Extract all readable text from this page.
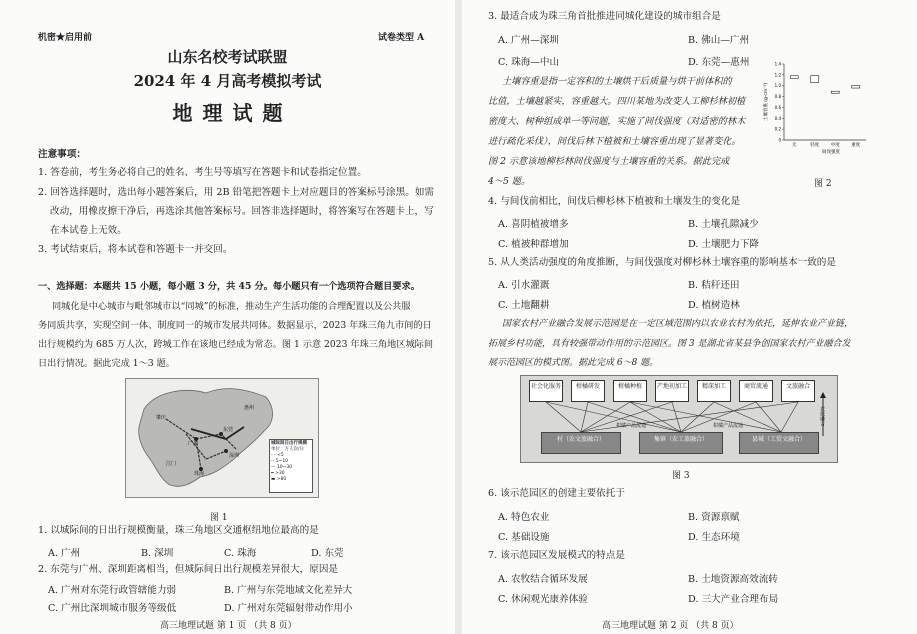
机密★启用前	试卷类型 A
山东名校考试联盟
2024 年 4 月高考模拟考试
地理试题
注意事项：
1. 答卷前，考生务必将自己的姓名、考生号等填写在答题卡和试卷指定位置。
2. 回答选择题时，选出每小题答案后，用 2B 铅笔把答题卡上对应题目的答案标号涂黑。如需
改动，用橡皮擦干净后，再选涂其他答案标号。回答非选择题时，将答案写在答题卡上，写
在本试卷上无效。
3. 考试结束后，将本试卷和答题卡一并交回。
一、选择题：本题共 15 小题，每小题 3 分，共 45 分。每小题只有一个选项符合题目要求。
同城化是中心城市与毗邻城市以“同城”的标准，推动生产生活功能的合理配置以及公共服
务同质共享，实现空间一体、制度同一的城市发展共同体。数据显示，2023 年珠三角九市间的日
出行规模约为 685 万人次，跨城工作在该地已经成为常态。图 1 示意 2023 年珠三角地区城际间
日出行情况。据此完成 1～3 题。
广州
东莞
深圳
惠州
肇庆
江门
珠海
城际间日出行规模
单位：万人次/日
- - <5
-- 5~10
— 10~30
━ >30
▬ >80
图 1
1. 以城际间的日出行规模衡量，珠三角地区交通枢纽地位最高的是
A. 广州	B. 深圳	C. 珠海	D. 东莞
2. 东莞与广州、深圳距离相当，但城际间日出行规模差异很大，原因是
A. 广州对东莞行政管辖能力弱	B. 广州与东莞地域文化差异大
C. 广州比深圳城市服务等级低	D. 广州对东莞辐射带动作用小
高三地理试题 第 1 页 （共 8 页）
3. 最适合成为珠三角首批推进同城化建设的城市组合是
A. 广州—深圳	B. 佛山—广州
C. 珠海—中山	D. 东莞—惠州
土壤容重是指一定容积的土壤烘干后质量与烘干前体积的
比值，土壤越紧实，容重越大。四川某地为改变人工柳杉林初植
密度大、树种组成单一等问题，实施了间伐强度（对适密的林木
进行疏化采伐），间伐后林下植被和土壤容重出现了显著变化。
图 2 示意该地柳杉林间伐强度与土壤容重的关系。据此完成
4～5 题。
0
0.2
0.4
0.6
0.8
1.0
1.2
1.4
无	轻度	中度	重度
间伐强度
土壤容重 (g·cm⁻³)
图 2
4. 与间伐前相比，间伐后柳杉林下植被和土壤发生的变化是
A. 喜阴植被增多	B. 土壤孔隙减少
C. 植被种群增加	D. 土壤肥力下降
5. 从人类活动强度的角度推断，与间伐强度对柳杉林土壤容重的影响基本一致的是
A. 引水灌溉	B. 秸秆还田
C. 土地翻耕	D. 植树造林
国家农村产业融合发展示范园是在一定区域范围内以农业农村为依托，延伸农业产业链，
拓展乡村功能，具有较强带动作用的示范园区。图 3 是湖北省某县争创国家农村产业融合发
展示范园区的模式图。据此完成 6～8 题。
社会化服务	柑橘研发	柑橘种植	产地初加工	精深加工	商贸流通	文旅融合
柑橘产品流通	柑橘产品流通	农旅融合
村（农文旅融合）	集镇（农工旅融合）	县城（工贸文融合）
图 3
6. 该示范园区的创建主要依托于
A. 特色农业	B. 资源禀赋
C. 基础设施	D. 生态环境
7. 该示范园区发展模式的特点是
A. 农牧结合循环发展	B. 土地资源高效流转
C. 休闲观光康养体验	D. 三大产业合理布局
高三地理试题 第 2 页 （共 8 页）
